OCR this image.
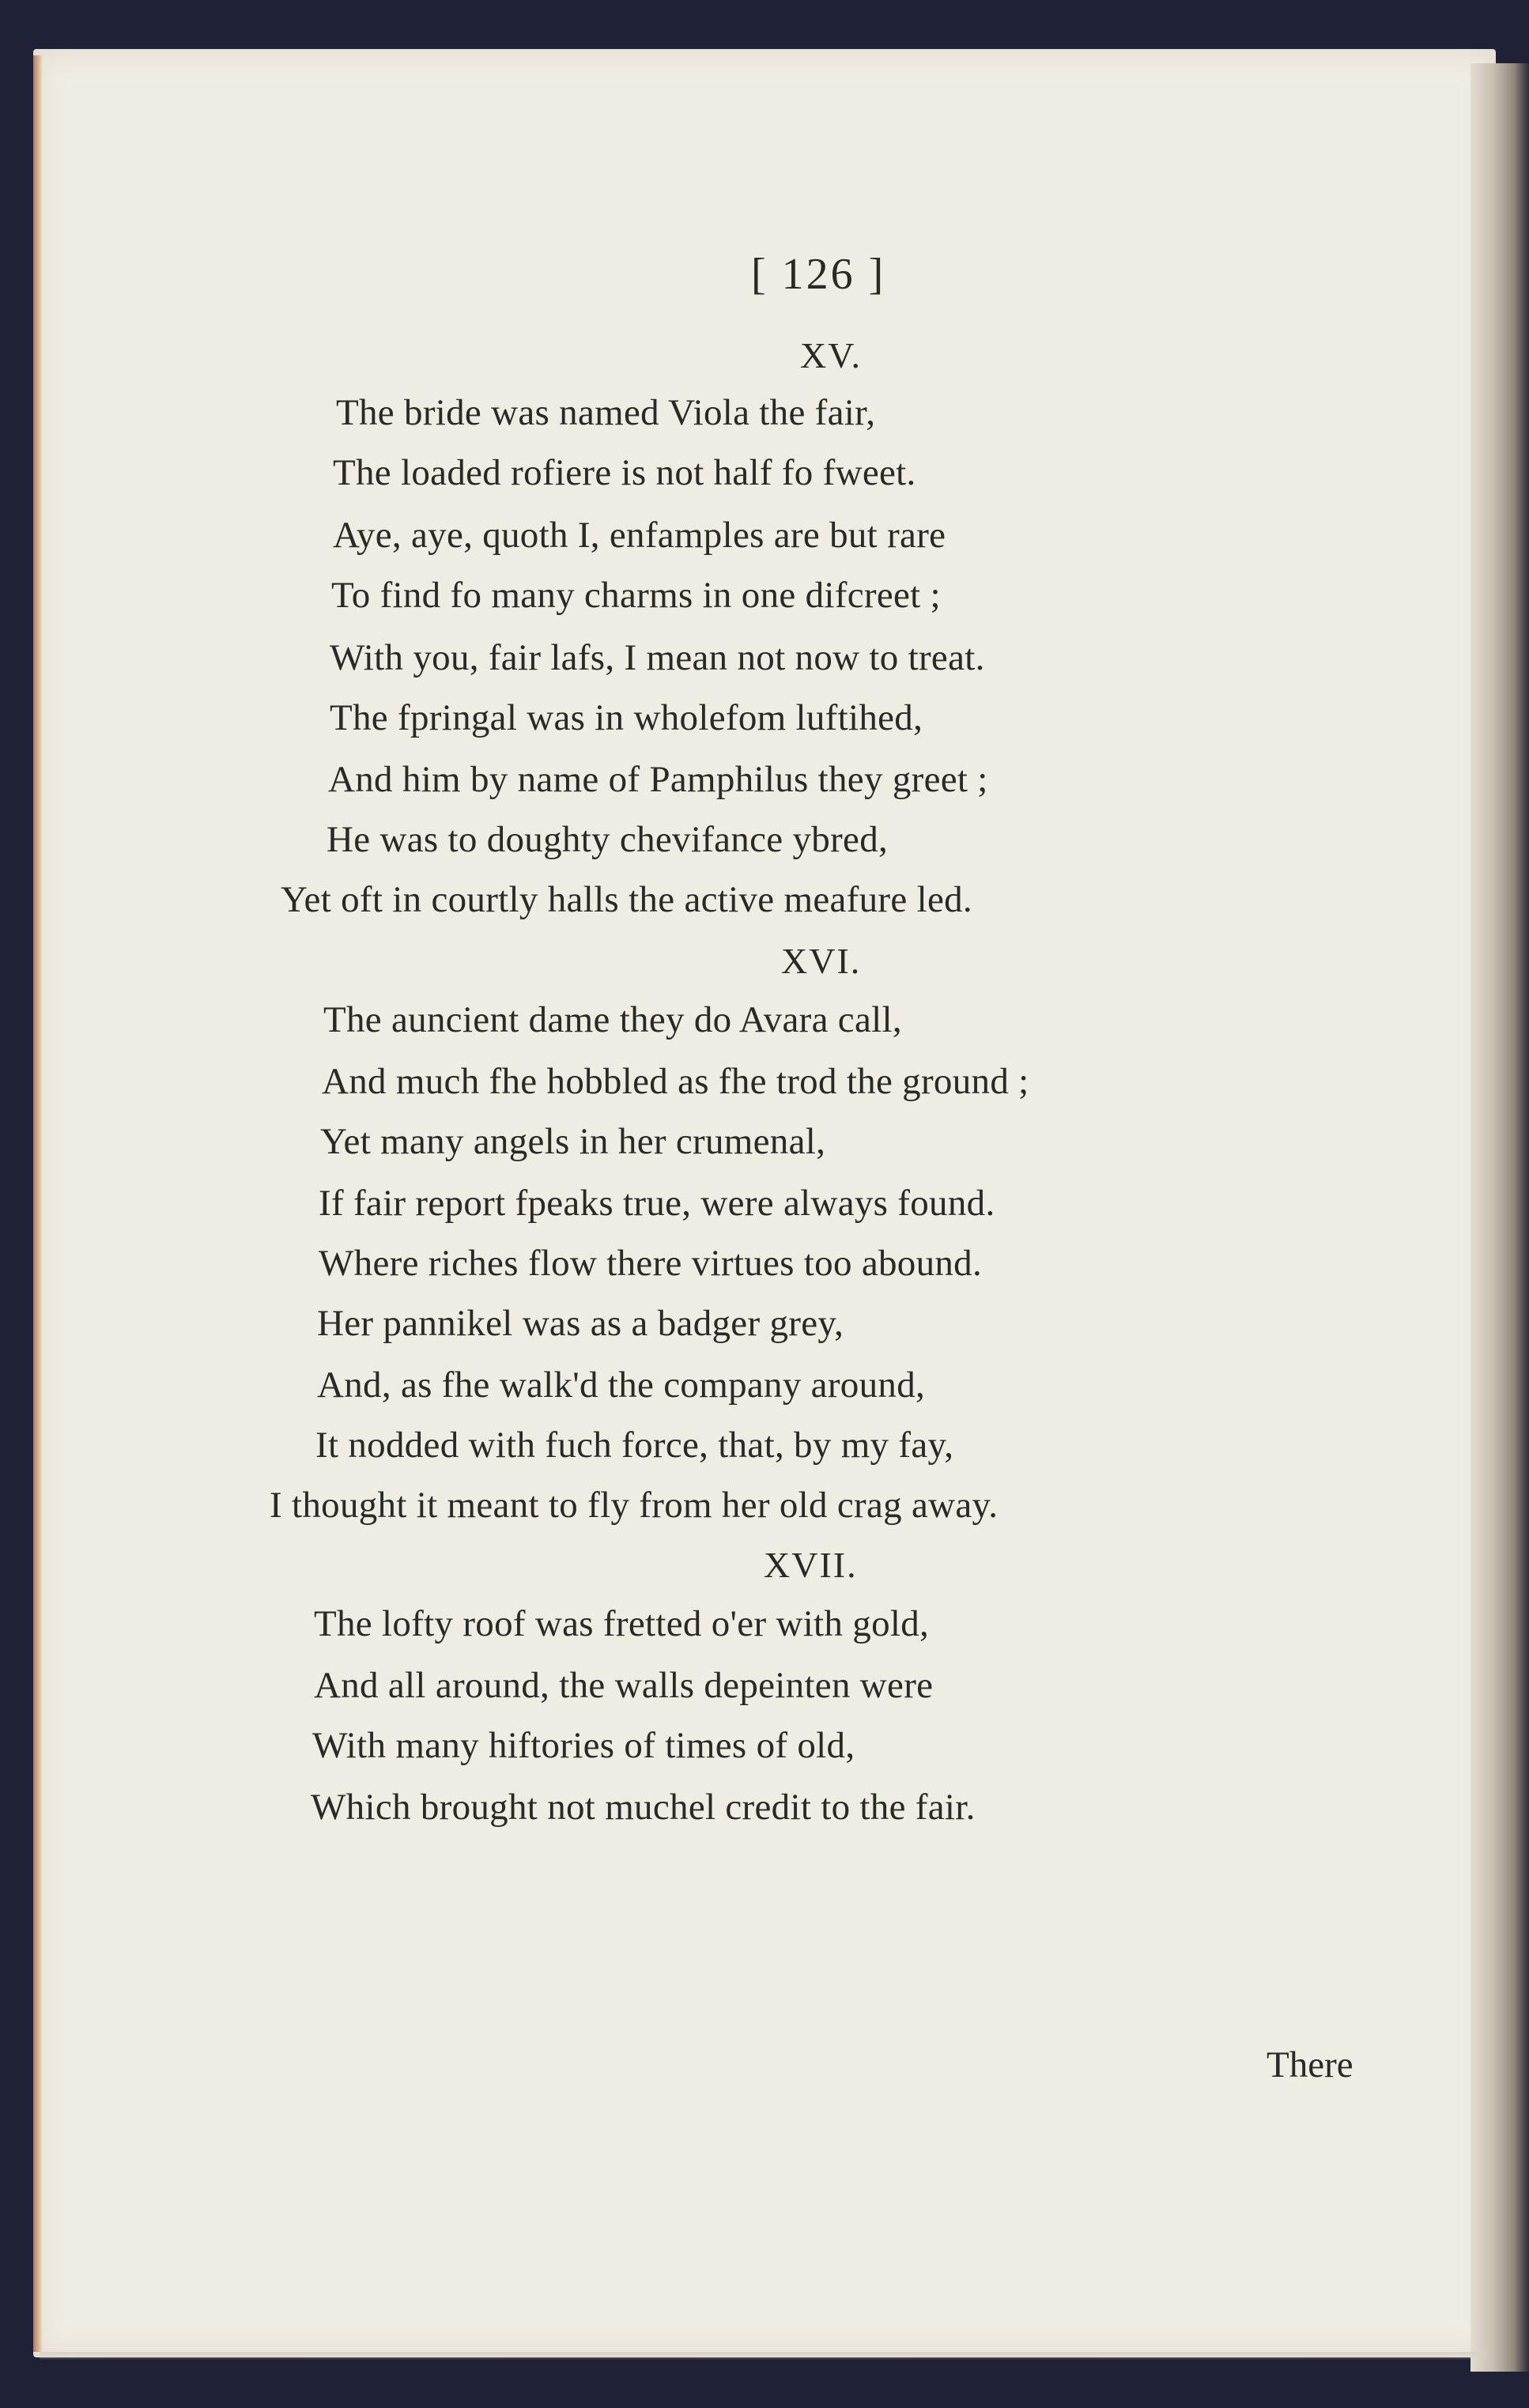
[ 126 ]
XV.
The bride was named Viola the fair,
The loaded rofiere is not half fo fweet.
Aye, aye, quoth I, enfamples are but rare
To find fo many charms in one difcreet ;
With you, fair lafs, I mean not now to treat.
The fpringal was in wholefom luftihed,
And him by name of Pamphilus they greet ;
He was to doughty chevifance ybred,
Yet oft in courtly halls the active meafure led.
XVI.
The auncient dame they do Avara call,
And much fhe hobbled as fhe trod the ground ;
Yet many angels in her crumenal,
If fair report fpeaks true, were always found.
Where riches flow there virtues too abound.
Her pannikel was as a badger grey,
And, as fhe walk'd the company around,
It nodded with fuch force, that, by my fay,
I thought it meant to fly from her old crag away.
XVII.
The lofty roof was fretted o'er with gold,
And all around, the walls depeinten were
With many hiftories of times of old,
Which brought not muchel credit to the fair.
There
